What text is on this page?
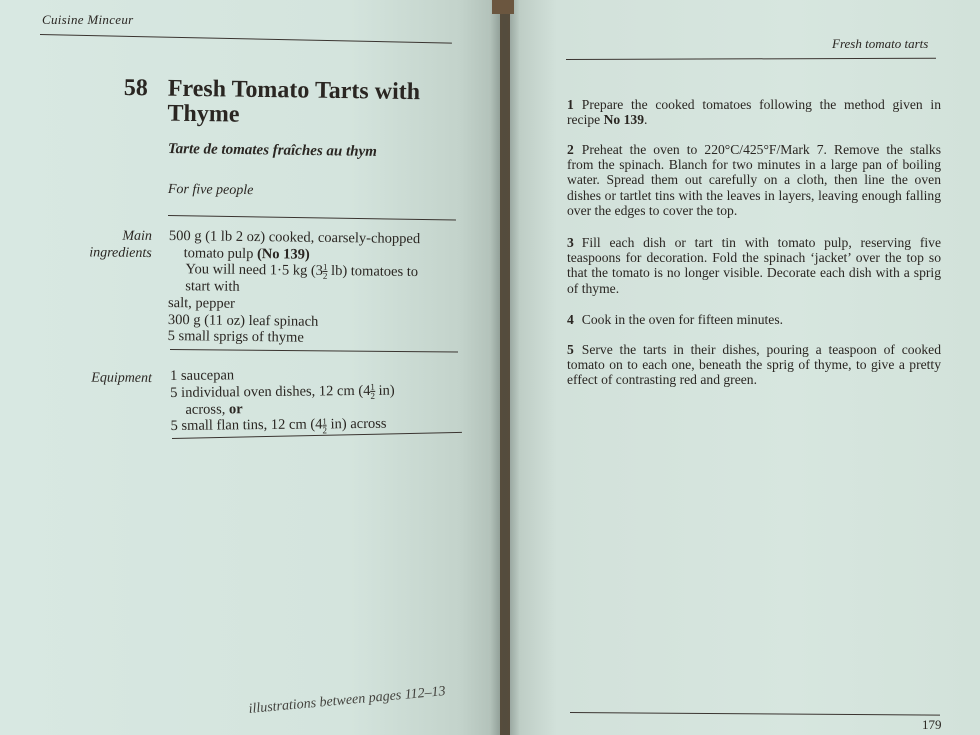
Cuisine Minceur
58 Fresh Tomato Tarts with Thyme
Tarte de tomates fraîches au thym
For five people
Main ingredients
500 g (1 lb 2 oz) cooked, coarsely-chopped
tomato pulp (No 139)
You will need 1·5 kg $(3 \frac{1}{2} lb)$ tomatoes to
start with
salt, pepper
300 g (11 oz) leaf spinach
5 small sprigs of thyme
Equipment 1 saucepan
5 individual oven dishes, 12 cm $(4 \frac{1}{2} in)$
across, or
5 small flan tins, 12 cm $(4 \frac{1}{2} in)$ across
illustrations between pages 112–13
Fresh tomato tarts
1 Prepare the cooked tomatoes following the method given in recipe No 139.
2 Preheat the oven to 220°C/425°F/Mark 7. Remove the stalks from the spinach. Blanch for two minutes in a large pan of boiling water. Spread them out carefully on a cloth, then line the oven dishes or tartlet tins with the leaves in layers, leaving enough falling over the edges to cover the top.
3 Fill each dish or tart tin with tomato pulp, reserving five teaspoons for decoration. Fold the spinach ‘jacket’ over the top so that the tomato is no longer visible. Decorate each dish with a sprig of thyme.
4 Cook in the oven for fifteen minutes.
5 Serve the tarts in their dishes, pouring a teaspoon of cooked tomato on to each one, beneath the sprig of thyme, to give a pretty effect of contrasting red and green.
179
